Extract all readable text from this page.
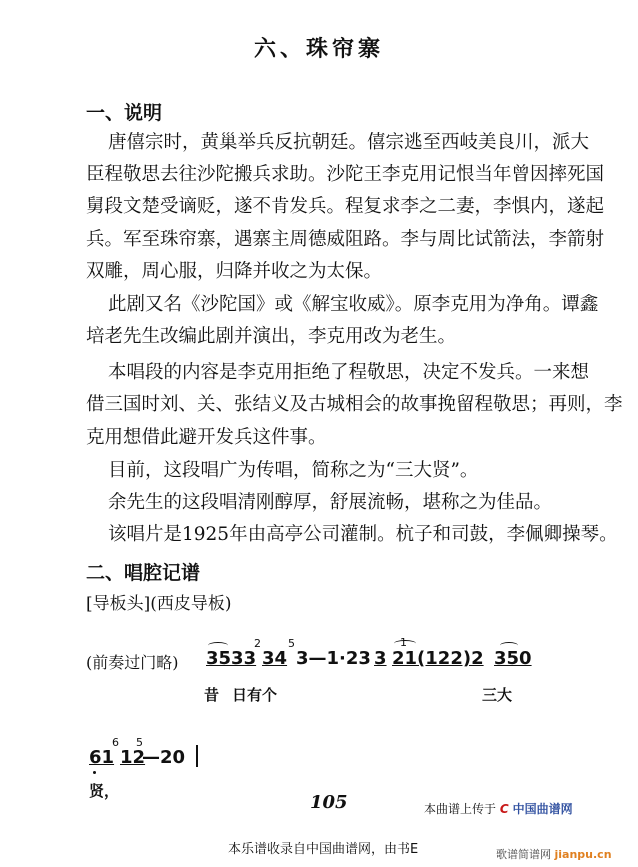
六、珠帘寨
一、说明
唐僖宗时，黄巢举兵反抗朝廷。僖宗逃至西岐美良川，派大
臣程敬思去往沙陀搬兵求助。沙陀王李克用记恨当年曾因摔死国
舅段文楚受谪贬，遂不肯发兵。程复求李之二妻，李惧内，遂起
兵。军至珠帘寨，遇寨主周德威阻路。李与周比试箭法，李箭射
双雕，周心服，归降并收之为太保。
此剧又名《沙陀国》或《解宝收威》。原李克用为净角。谭鑫
培老先生改编此剧并演出，李克用改为老生。
本唱段的内容是李克用拒绝了程敬思，决定不发兵。一来想
借三国时刘、关、张结义及古城相会的故事挽留程敬思；再则，李
克用想借此避开发兵这件事。
目前，这段唱广为传唱，简称之为“三大贤”。
余先生的这段唱清刚醇厚，舒展流畅，堪称之为佳品。
该唱片是1925年由高亭公司灌制。杭子和司鼓，李佩卿操琴。
二、唱腔记谱
[导板头](西皮导板)
(前奏过门略) 3533
2
34
5
3—1·23
1
3 21(122)2 350
昔 日有个	三大
61
6
12
5
—20
贤，
105	本曲谱上传于 C 中国曲谱网
本乐谱收录自中国曲谱网，由书E	歌谱简谱网 jianpu.cn
